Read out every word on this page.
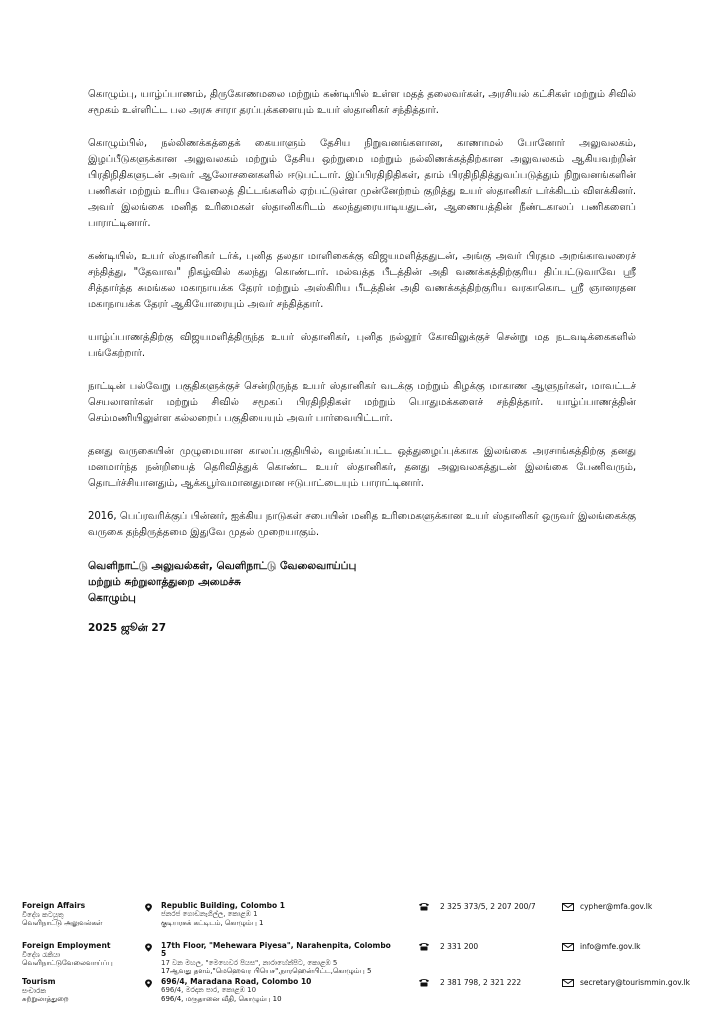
கொழும்பு, யாழ்ப்பாணம், திருகோணமலை மற்றும் கண்டியில் உள்ள மதத் தலைவர்கள், அரசியல் கட்சிகள் மற்றும் சிவில் சமூகம் உள்ளிட்ட பல அரசு சாரா தரப்புக்களையும் உயர் ஸ்தானிகர் சந்தித்தார்.

கொழும்பில், நல்லிணக்கத்தைக் கையாளும் தேசிய நிறுவனங்களான, காணாமல் போனோர் அலுவலகம், இழப்பீடுகளுக்கான அலுவலகம் மற்றும் தேசிய ஒற்றுமை மற்றும் நல்லிணக்கத்திற்கான அலுவலகம் ஆகியவற்றின் பிரதிநிதிகளுடன் அவர் ஆலோசனைகளில் ஈடுபட்டார். இப்பிரதிநிதிகள், தாம் பிரதிநிதித்துவப்படுத்தும் நிறுவனங்களின் பணிகள் மற்றும் உரிய வேலைத் திட்டங்களில் ஏற்பட்டுள்ள முன்னேற்றம் குறித்து உயர் ஸ்தானிகர் டர்க்கிடம் விளக்கினர். அவர் இலங்கை மனித உரிமைகள் ஸ்தானிகரிடம் கலந்துரையாடியதுடன், ஆணையத்தின் நீண்டகாலப் பணிகளைப் பாராட்டினார்.

கண்டியில், உயர் ஸ்தானிகர் டர்க், புனித தலதா மாளிகைக்கு விஜயமளித்ததுடன், அங்கு அவர் பிரதம அறங்காவலரைச் சந்தித்து, "தேவாவ" நிகழ்வில் கலந்து கொண்டார். மல்வத்த பீடத்தின் அதி வணக்கத்திற்குரிய திப்பட்டுவாவே ஸ்ரீ சித்தார்த்த சுமங்கல மகாநாயக்க தேரர் மற்றும் அஸ்கிரிய பீடத்தின் அதி வணக்கத்திற்குரிய வரகாகொட ஸ்ரீ ஞானரதன மகாநாயக்க தேரர் ஆகியோரையும் அவர் சந்தித்தார்.

யாழ்ப்பாணத்திற்கு விஜயமளித்திருந்த உயர் ஸ்தானிகர், புனித நல்லூர் கோவிலுக்குச் சென்று மத நடவடிக்கைகளில் பங்கேற்றார்.

நாட்டின் பல்வேறு பகுதிகளுக்குச் சென்றிருந்த உயர் ஸ்தானிகர் வடக்கு மற்றும் கிழக்கு மாகாண ஆளுநர்கள், மாவட்டச் செயலாளர்கள் மற்றும் சிவில் சமூகப் பிரதிநிதிகள் மற்றும் பொதுமக்களைச் சந்தித்தார். யாழ்ப்பாணத்தின் செம்மணியிலுள்ள கல்லறைப் பகுதியையும் அவர் பார்வையிட்டார்.

தனது வருகையின் முழுமையான காலப்பகுதியில், வழங்கப்பட்ட ஒத்துழைப்புக்காக இலங்கை அரசாங்கத்திற்கு தனது மனமார்ந்த நன்றியைத் தெரிவித்துக் கொண்ட உயர் ஸ்தானிகர், தனது அலுவலகத்துடன் இலங்கை பேணிவரும், தொடர்ச்சியானதும், ஆக்கபூர்வமானதுமான ஈடுபாட்டையும் பாராட்டினார்.

2016, பெப்ரவரிக்குப் பின்னர், ஐக்கிய நாடுகள் சபையின் மனித உரிமைகளுக்கான உயர் ஸ்தானிகர் ஒருவர் இலங்கைக்கு வருகை தந்திருத்தமை இதுவே முதல் முறையாகும்.

வெளிநாட்டு அலுவல்கள், வெளிநாட்டு வேலைவாய்ப்பு
மற்றும் சுற்றுலாத்துறை அமைச்சு
கொழும்பு
2025 ஜூன் 27
Foreign Affairs
විදේශ කටයුතු
வெளிநாட்டு அலுவல்கள்
Republic Building, Colombo 1
ජනරජ ගොඩනැගිල්ල, කොළඹ 1
குடியரசுக் கட்டிடம், கொழும்பு 1
2 325 373/5, 2 207 200/7	cypher@mfa.gov.lk
Foreign Employment
විදේශ රැකියා
வெளிநாட்டுவேலைவாய்ப்பு
17th Floor, "Mehewara Piyesa", Narahenpita, Colombo 5
17 වන මහල, "මෙහෙවර පියස", නාරාහේන්පිට, කොළඹ 5
17ஆவது தளம்,"மெஹெவர பியெச",நாரஹென்பிட்ட,கொழும்பு 5
2 331 200	info@mfe.gov.lk
Tourism
සංචාරක
சுற்றுலாத்துறை
696/4, Maradana Road, Colombo 10
696/4, මරදාන පාර, කොළඹ 10
696/4, மருதானை வீதி, கொழும்பு 10
2 381 798, 2 321 222	secretary@tourismmin.gov.lk
